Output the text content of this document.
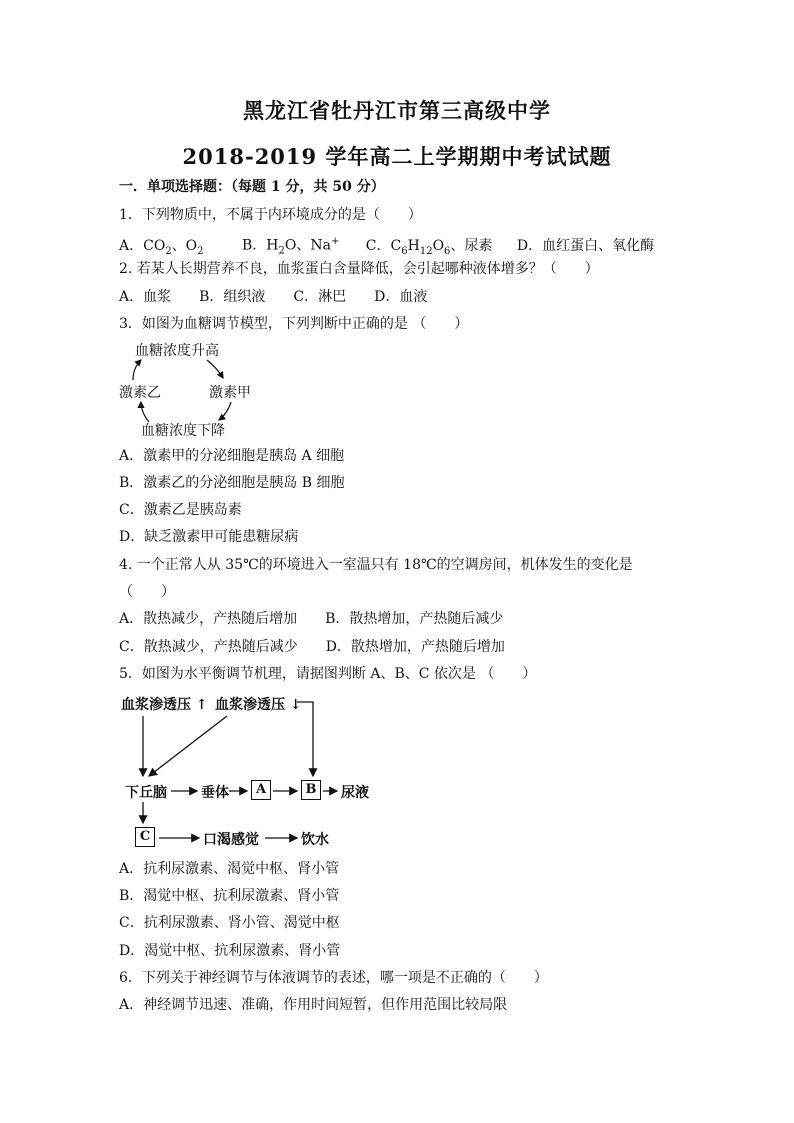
黑龙江省牡丹江市第三高级中学
2018-2019 学年高二上学期期中考试试题
一．单项选择题：（每题 1 分，共 50 分）
1．下列物质中，不属于内环境成分的是（　　）
A．$CO_2$、$O_2$	B．$H_2O$、Na+ C．$C_6H_{12}O_6$、尿素 D．血红蛋白、氧化酶
2. 若某人长期营养不良，血浆蛋白含量降低，会引起哪种液体增多？（　　）
A．血浆　　B．组织液　　C．淋巴　　D．血液
3．如图为血糖调节模型，下列判断中正确的是 （　　）
血糖浓度升高
激素甲
激素乙
血糖浓度下降
A．激素甲的分泌细胞是胰岛 A 细胞
B．激素乙的分泌细胞是胰岛 B 细胞
C．激素乙是胰岛素
D．缺乏激素甲可能患糖尿病
4. 一个正常人从 35℃的环境进入一室温只有 18℃的空调房间，机体发生的变化是
（　　）
A．散热减少，产热随后增加　　B．散热增加，产热随后减少
C．散热减少，产热随后减少　　D．散热增加，产热随后增加
5．如图为水平衡调节机理，请据图判断 A、B、C 依次是 （　　）
血浆渗透压 ↑ 血浆渗透压 ↓
下丘脑 垂体	A	B	尿液
C	口渴感觉	饮水
A．抗利尿激素、渴觉中枢、肾小管
B．渴觉中枢、抗利尿激素、肾小管
C．抗利尿激素、肾小管、渴觉中枢
D．渴觉中枢、抗利尿激素、肾小管
6．下列关于神经调节与体液调节的表述，哪一项是不正确的（　　）
A．神经调节迅速、准确，作用时间短暂，但作用范围比较局限
